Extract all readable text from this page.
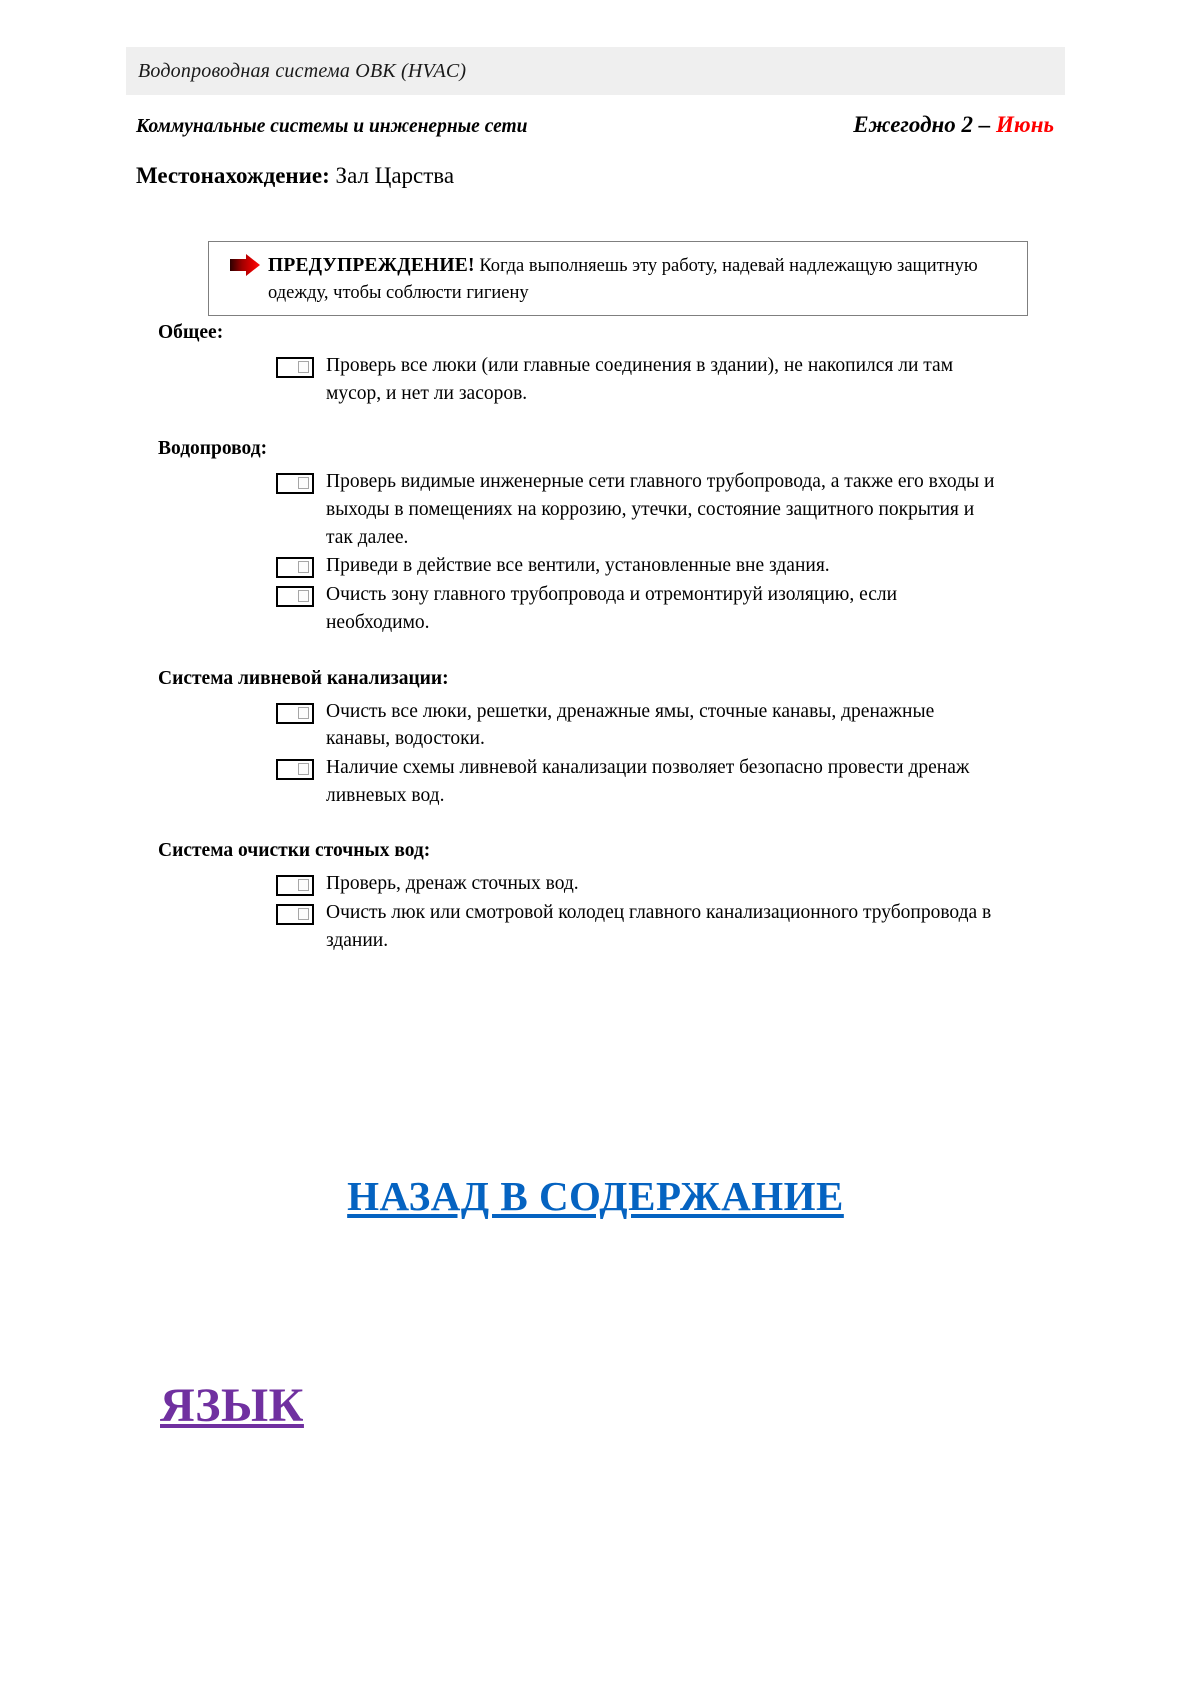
Водопроводная система ОВК (HVAC)
Коммунальные системы и инженерные сети	Ежегодно 2 – Июнь
Местонахождение: Зал Царства
ПРЕДУПРЕЖДЕНИЕ! Когда выполняешь эту работу, надевай надлежащую защитную одежду, чтобы соблюсти гигиену
Общее:
Проверь все люки (или главные соединения в здании), не накопился ли там мусор, и нет ли засоров.
Водопровод:
Проверь видимые инженерные сети главного трубопровода, а также его входы и выходы в помещениях на коррозию, утечки, состояние защитного покрытия и так далее.
Приведи в действие все вентили, установленные вне здания.
Очисть зону главного трубопровода и отремонтируй изоляцию, если необходимо.
Система ливневой канализации:
Очисть все люки, решетки, дренажные ямы, сточные канавы, дренажные канавы, водостоки.
Наличие схемы ливневой канализации позволяет безопасно провести дренаж ливневых вод.
Система очистки сточных вод:
Проверь, дренаж сточных вод.
Очисть люк или смотровой колодец главного канализационного трубопровода в здании.
НАЗАД В СОДЕРЖАНИЕ
ЯЗЫК
